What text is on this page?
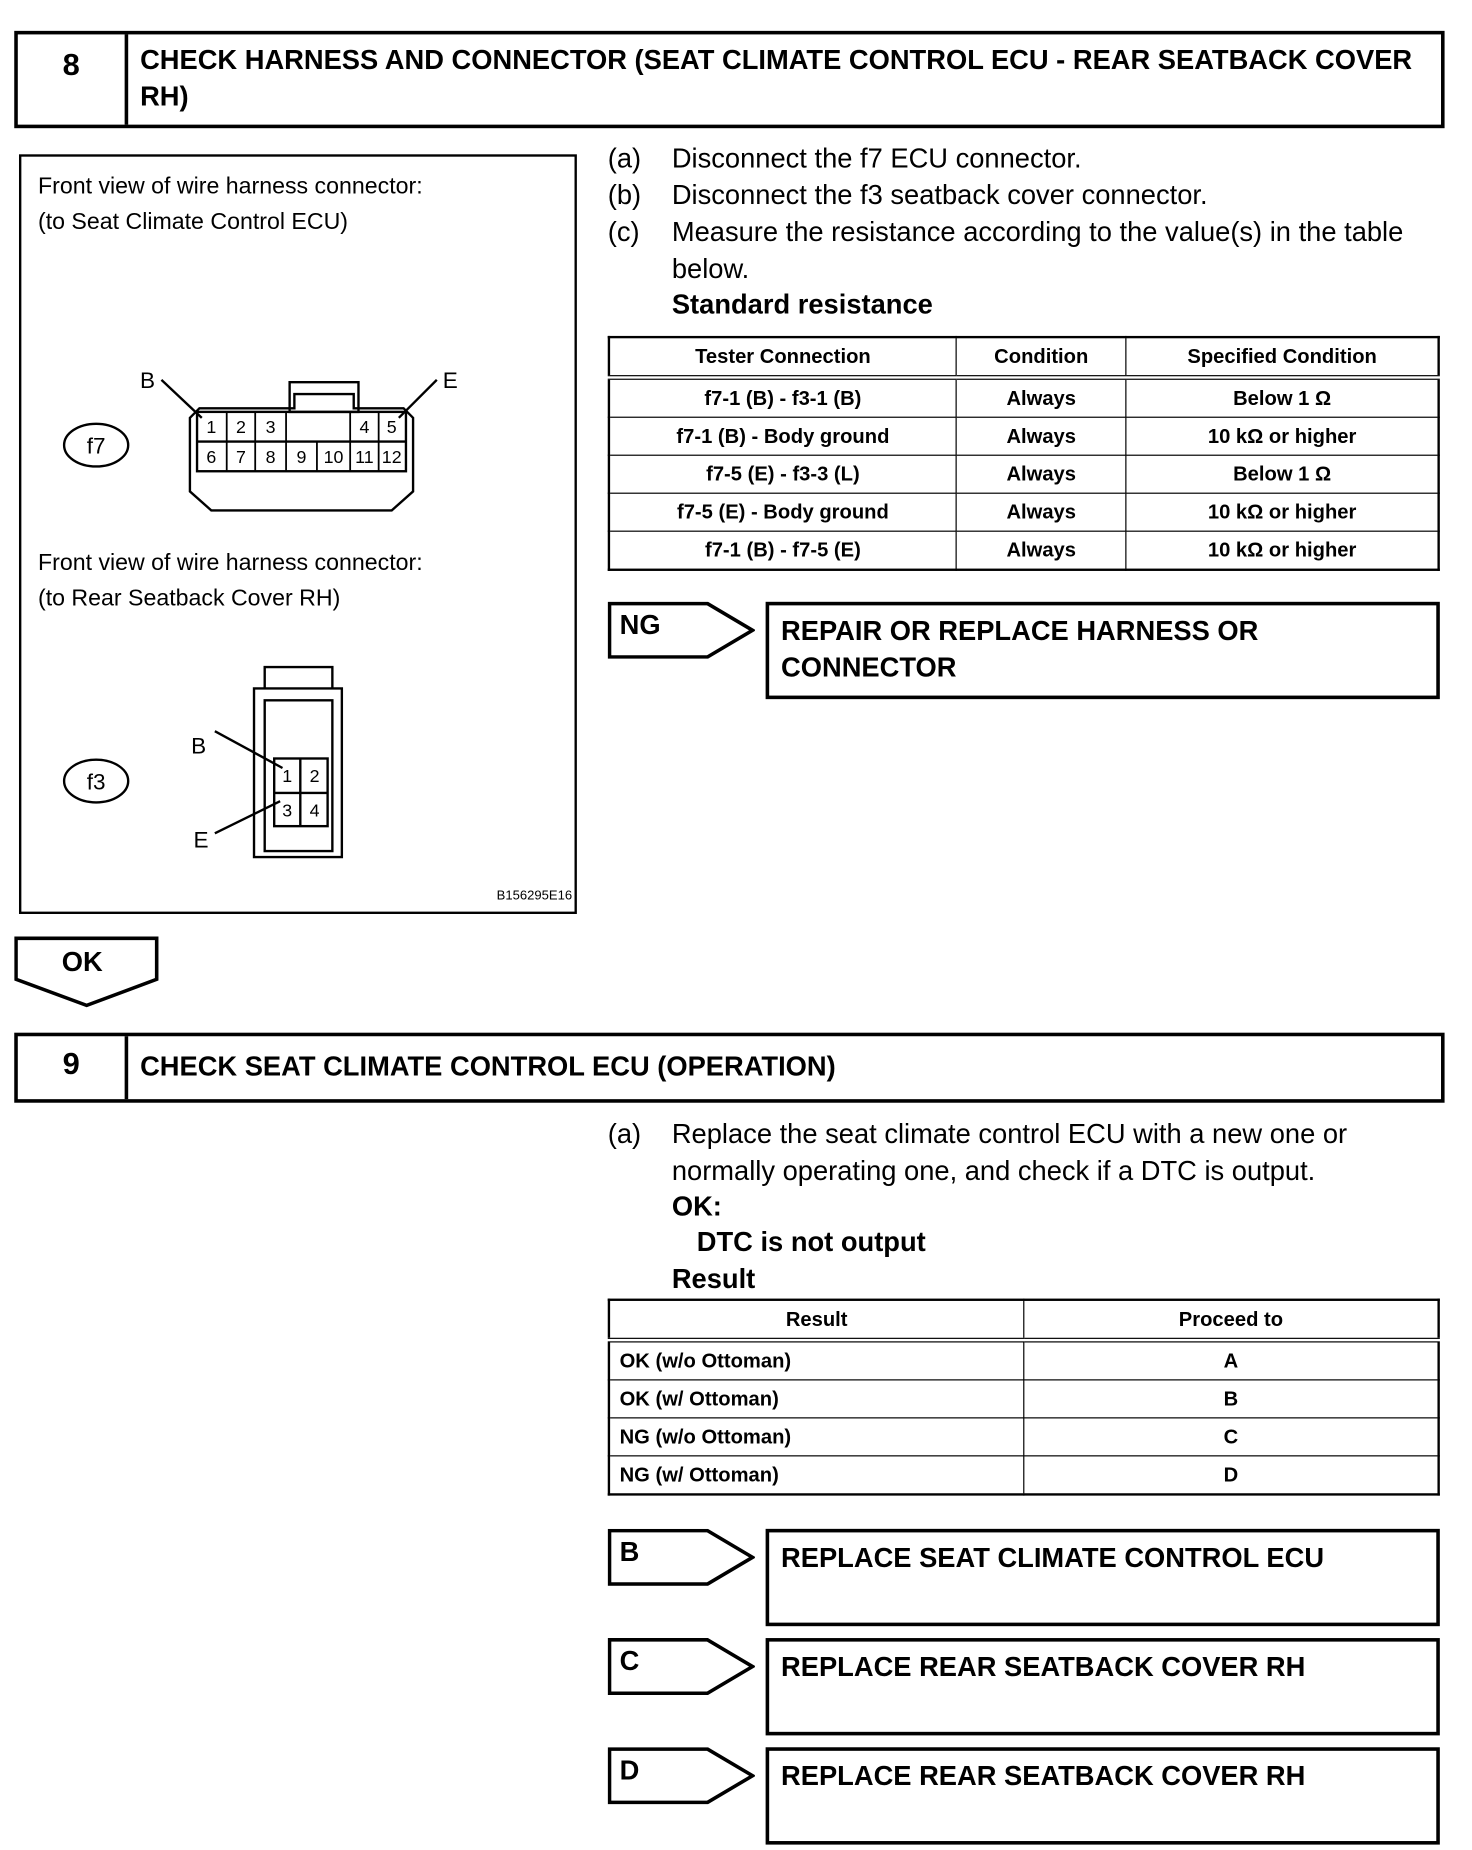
8	CHECK HARNESS AND CONNECTOR (SEAT CLIMATE CONTROL ECU - REAR SEATBACK COVER RH)
Front view of wire harness connector:
(to Seat Climate Control ECU)
Front view of wire harness connector:
(to Rear Seatback Cover RH)
B	E
B
E
f7
f3
1 2 3	4 5
6 7 8 9 10 11 12
1 2
3 4
B156295E16
(a) Disconnect the f7 ECU connector.
(b) Disconnect the f3 seatback cover connector.
(c) Measure the resistance according to the value(s) in the table below.
Standard resistance
Tester Connection	Condition	Specified Condition
f7-1 (B) - f3-1 (B)	Always	Below 1 Ω
f7-1 (B) - Body ground	Always	10 kΩ or higher
f7-5 (E) - f3-3 (L)	Always	Below 1 Ω
f7-5 (E) - Body ground	Always	10 kΩ or higher
f7-1 (B) - f7-5 (E)	Always	10 kΩ or higher
NG	REPAIR OR REPLACE HARNESS OR CONNECTOR
OK
9	CHECK SEAT CLIMATE CONTROL ECU (OPERATION)
(a) Replace the seat climate control ECU with a new one or normally operating one, and check if a DTC is output.
OK:
DTC is not output
Result
Result	Proceed to
OK (w/o Ottoman)	A
OK (w/ Ottoman)	B
NG (w/o Ottoman)	C
NG (w/ Ottoman)	D
B	REPLACE SEAT CLIMATE CONTROL ECU
C	REPLACE REAR SEATBACK COVER RH
D	REPLACE REAR SEATBACK COVER RH
